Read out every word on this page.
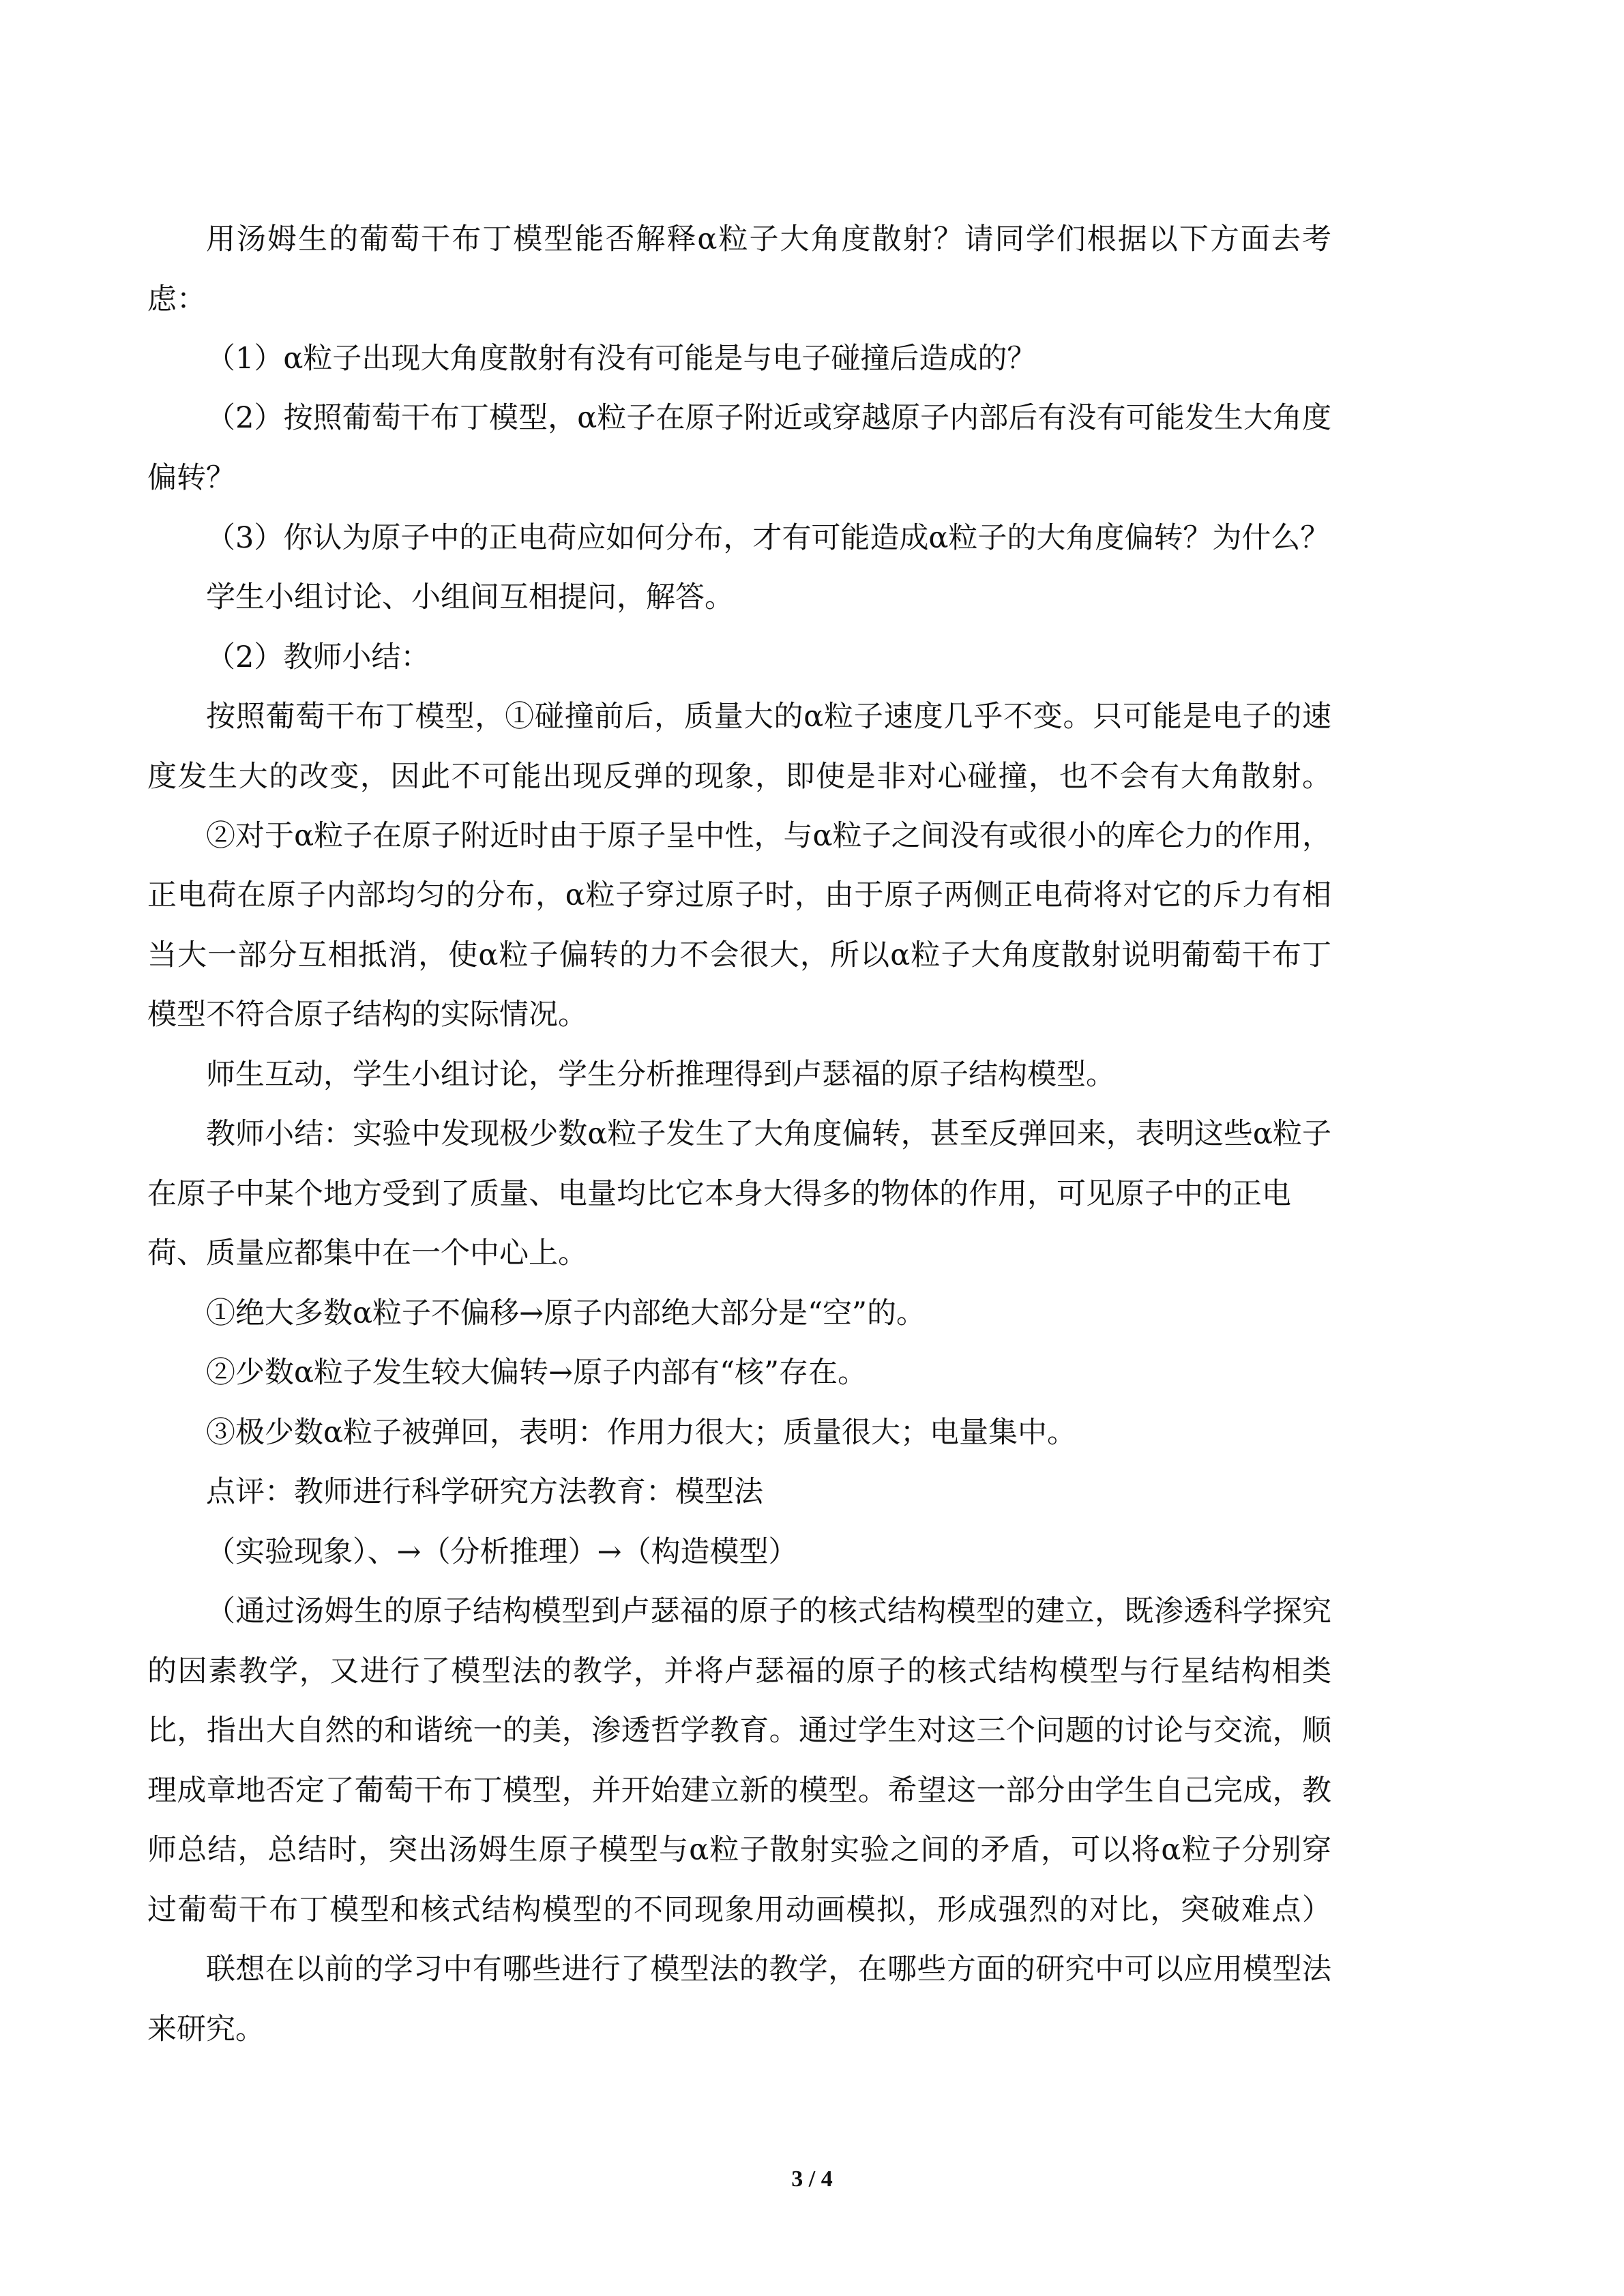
用汤姆生的葡萄干布丁模型能否解释α粒子大角度散射？请同学们根据以下方面去考
虑：
（1）α粒子出现大角度散射有没有可能是与电子碰撞后造成的？
（2）按照葡萄干布丁模型，α粒子在原子附近或穿越原子内部后有没有可能发生大角度
偏转？
（3）你认为原子中的正电荷应如何分布，才有可能造成α粒子的大角度偏转？为什么？
学生小组讨论、小组间互相提问，解答。
（2）教师小结：
按照葡萄干布丁模型，①碰撞前后，质量大的α粒子速度几乎不变。只可能是电子的速
度发生大的改变，因此不可能出现反弹的现象，即使是非对心碰撞，也不会有大角散射。
②对于α粒子在原子附近时由于原子呈中性，与α粒子之间没有或很小的库仑力的作用，
正电荷在原子内部均匀的分布，α粒子穿过原子时，由于原子两侧正电荷将对它的斥力有相
当大一部分互相抵消，使α粒子偏转的力不会很大，所以α粒子大角度散射说明葡萄干布丁
模型不符合原子结构的实际情况。
师生互动，学生小组讨论，学生分析推理得到卢瑟福的原子结构模型。
教师小结：实验中发现极少数α粒子发生了大角度偏转，甚至反弹回来，表明这些α粒子
在原子中某个地方受到了质量、电量均比它本身大得多的物体的作用，可见原子中的正电
荷、质量应都集中在一个中心上。
①绝大多数α粒子不偏移→原子内部绝大部分是“空”的。
②少数α粒子发生较大偏转→原子内部有“核”存在。
③极少数α粒子被弹回，表明：作用力很大；质量很大；电量集中。
点评：教师进行科学研究方法教育：模型法
（实验现象）、→（分析推理）→（构造模型）
（通过汤姆生的原子结构模型到卢瑟福的原子的核式结构模型的建立，既渗透科学探究
的因素教学，又进行了模型法的教学，并将卢瑟福的原子的核式结构模型与行星结构相类
比，指出大自然的和谐统一的美，渗透哲学教育。通过学生对这三个问题的讨论与交流，顺
理成章地否定了葡萄干布丁模型，并开始建立新的模型。希望这一部分由学生自己完成，教
师总结，总结时，突出汤姆生原子模型与α粒子散射实验之间的矛盾，可以将α粒子分别穿
过葡萄干布丁模型和核式结构模型的不同现象用动画模拟，形成强烈的对比，突破难点）
联想在以前的学习中有哪些进行了模型法的教学，在哪些方面的研究中可以应用模型法
来研究。
3 / 4
